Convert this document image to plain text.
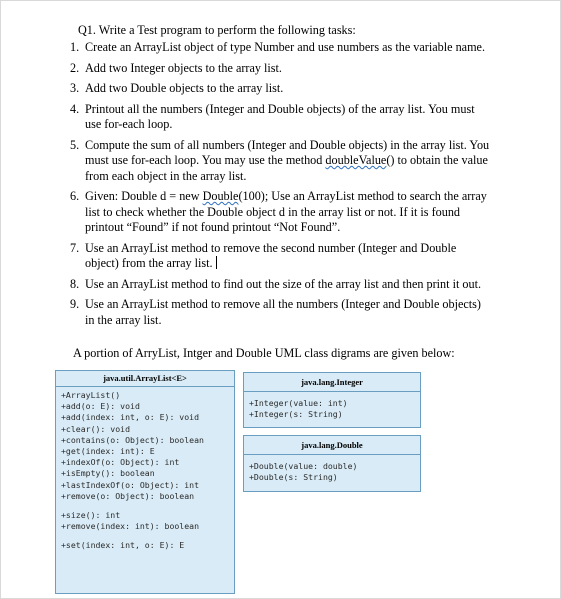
Q1. Write a Test program to perform the following tasks:

1. Create an ArrayList object of type Number and use numbers as the variable name.
2. Add two Integer objects to the array list.
3. Add two Double objects to the array list.
4. Printout all the numbers (Integer and Double objects) of the array list. You must use for-each loop.
5. Compute the sum of all numbers (Integer and Double objects) in the array list. You must use for-each loop. You may use the method doubleValue() to obtain the value from each object in the array list.
6. Given: Double d = new Double(100); Use an ArrayList method to search the array list to check whether the Double object d in the array list or not. If it is found printout “Found” if not found printout “Not Found”.
7. Use an ArrayList method to remove the second number (Integer and Double object) from the array list.
8. Use an ArrayList method to find out the size of the array list and then print it out.
9. Use an ArrayList method to remove all the numbers (Integer and Double objects) in the array list.

A portion of ArryList, Intger and Double UML class digrams are given below:

java.util.ArrayList<E>
+ArrayList()
+add(o: E): void
+add(index: int, o: E): void
+clear(): void
+contains(o: Object): boolean
+get(index: int): E
+indexOf(o: Object): int
+isEmpty(): boolean
+lastIndexOf(o: Object): int
+remove(o: Object): boolean
+size(): int
+remove(index: int): boolean
+set(index: int, o: E): E
java.lang.Integer
+Integer(value: int)
+Integer(s: String)
java.lang.Double
+Double(value: double)
+Double(s: String)
